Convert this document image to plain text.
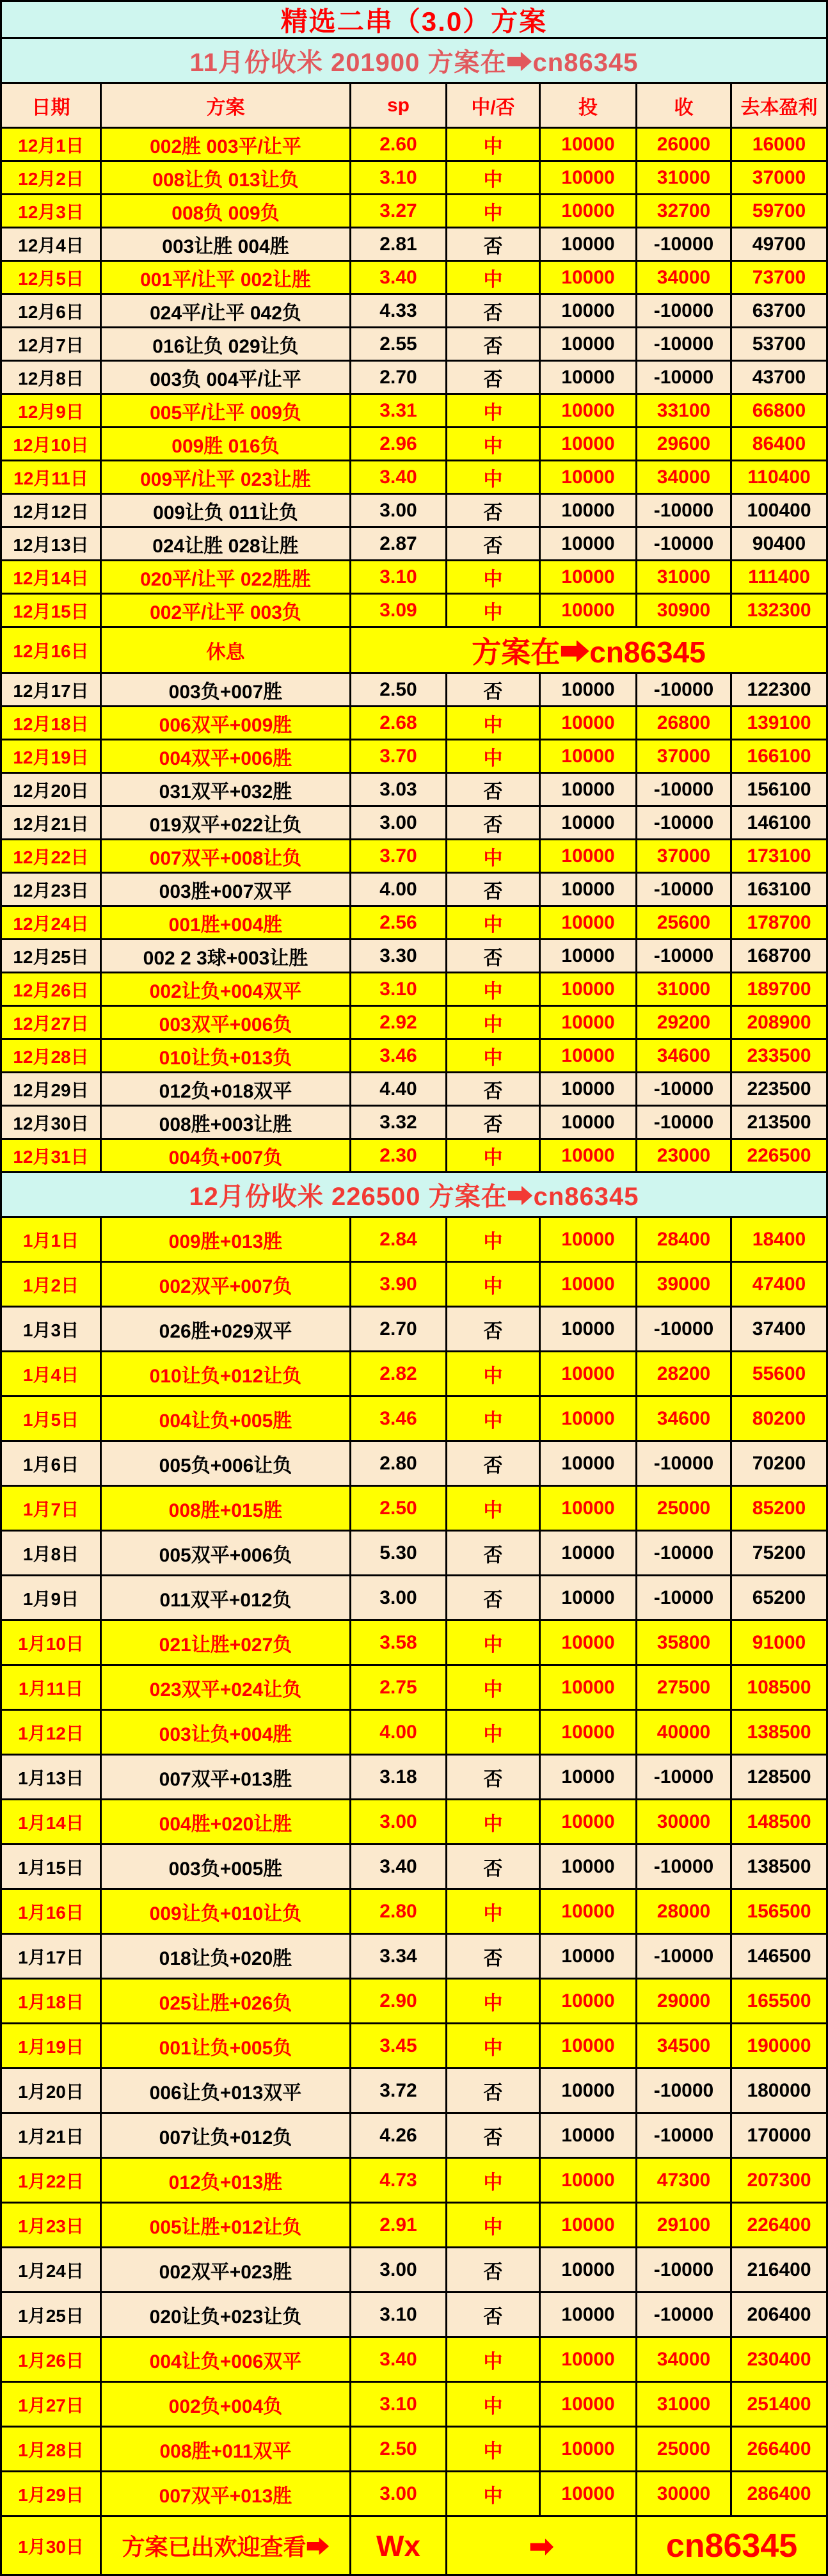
精选二串（3.0）方案
11月份收米 201900 方案在➡cn86345
日期	方案	sp	中/否	投	收	去本盈利
12月1日	002胜 003平/让平	2.60	中	10000	26000	16000
12月2日	008让负 013让负	3.10	中	10000	31000	37000
12月3日	008负 009负	3.27	中	10000	32700	59700
12月4日	003让胜 004胜	2.81	否	10000	-10000	49700
12月5日	001平/让平 002让胜	3.40	中	10000	34000	73700
12月6日	024平/让平 042负	4.33	否	10000	-10000	63700
12月7日	016让负 029让负	2.55	否	10000	-10000	53700
12月8日	003负 004平/让平	2.70	否	10000	-10000	43700
12月9日	005平/让平 009负	3.31	中	10000	33100	66800
12月10日	009胜 016负	2.96	中	10000	29600	86400
12月11日	009平/让平 023让胜	3.40	中	10000	34000	110400
12月12日	009让负 011让负	3.00	否	10000	-10000	100400
12月13日	024让胜 028让胜	2.87	否	10000	-10000	90400
12月14日	020平/让平 022胜胜	3.10	中	10000	31000	111400
12月15日	002平/让平 003负	3.09	中	10000	30900	132300
12月16日	休息	方案在➡cn86345
12月17日	003负+007胜	2.50	否	10000	-10000	122300
12月18日	006双平+009胜	2.68	中	10000	26800	139100
12月19日	004双平+006胜	3.70	中	10000	37000	166100
12月20日	031双平+032胜	3.03	否	10000	-10000	156100
12月21日	019双平+022让负	3.00	否	10000	-10000	146100
12月22日	007双平+008让负	3.70	中	10000	37000	173100
12月23日	003胜+007双平	4.00	否	10000	-10000	163100
12月24日	001胜+004胜	2.56	中	10000	25600	178700
12月25日	002 2 3球+003让胜	3.30	否	10000	-10000	168700
12月26日	002让负+004双平	3.10	中	10000	31000	189700
12月27日	003双平+006负	2.92	中	10000	29200	208900
12月28日	010让负+013负	3.46	中	10000	34600	233500
12月29日	012负+018双平	4.40	否	10000	-10000	223500
12月30日	008胜+003让胜	3.32	否	10000	-10000	213500
12月31日	004负+007负	2.30	中	10000	23000	226500
12月份收米 226500 方案在➡cn86345
1月1日	009胜+013胜	2.84	中	10000	28400	18400
1月2日	002双平+007负	3.90	中	10000	39000	47400
1月3日	026胜+029双平	2.70	否	10000	-10000	37400
1月4日	010让负+012让负	2.82	中	10000	28200	55600
1月5日	004让负+005胜	3.46	中	10000	34600	80200
1月6日	005负+006让负	2.80	否	10000	-10000	70200
1月7日	008胜+015胜	2.50	中	10000	25000	85200
1月8日	005双平+006负	5.30	否	10000	-10000	75200
1月9日	011双平+012负	3.00	否	10000	-10000	65200
1月10日	021让胜+027负	3.58	中	10000	35800	91000
1月11日	023双平+024让负	2.75	中	10000	27500	108500
1月12日	003让负+004胜	4.00	中	10000	40000	138500
1月13日	007双平+013胜	3.18	否	10000	-10000	128500
1月14日	004胜+020让胜	3.00	中	10000	30000	148500
1月15日	003负+005胜	3.40	否	10000	-10000	138500
1月16日	009让负+010让负	2.80	中	10000	28000	156500
1月17日	018让负+020胜	3.34	否	10000	-10000	146500
1月18日	025让胜+026负	2.90	中	10000	29000	165500
1月19日	001让负+005负	3.45	中	10000	34500	190000
1月20日	006让负+013双平	3.72	否	10000	-10000	180000
1月21日	007让负+012负	4.26	否	10000	-10000	170000
1月22日	012负+013胜	4.73	中	10000	47300	207300
1月23日	005让胜+012让负	2.91	中	10000	29100	226400
1月24日	002双平+023胜	3.00	否	10000	-10000	216400
1月25日	020让负+023让负	3.10	否	10000	-10000	206400
1月26日	004让负+006双平	3.40	中	10000	34000	230400
1月27日	002负+004负	3.10	中	10000	31000	251400
1月28日	008胜+011双平	2.50	中	10000	25000	266400
1月29日	007双平+013胜	3.00	中	10000	30000	286400
1月30日	方案已出欢迎查看➡	Wx	➡	cn86345
